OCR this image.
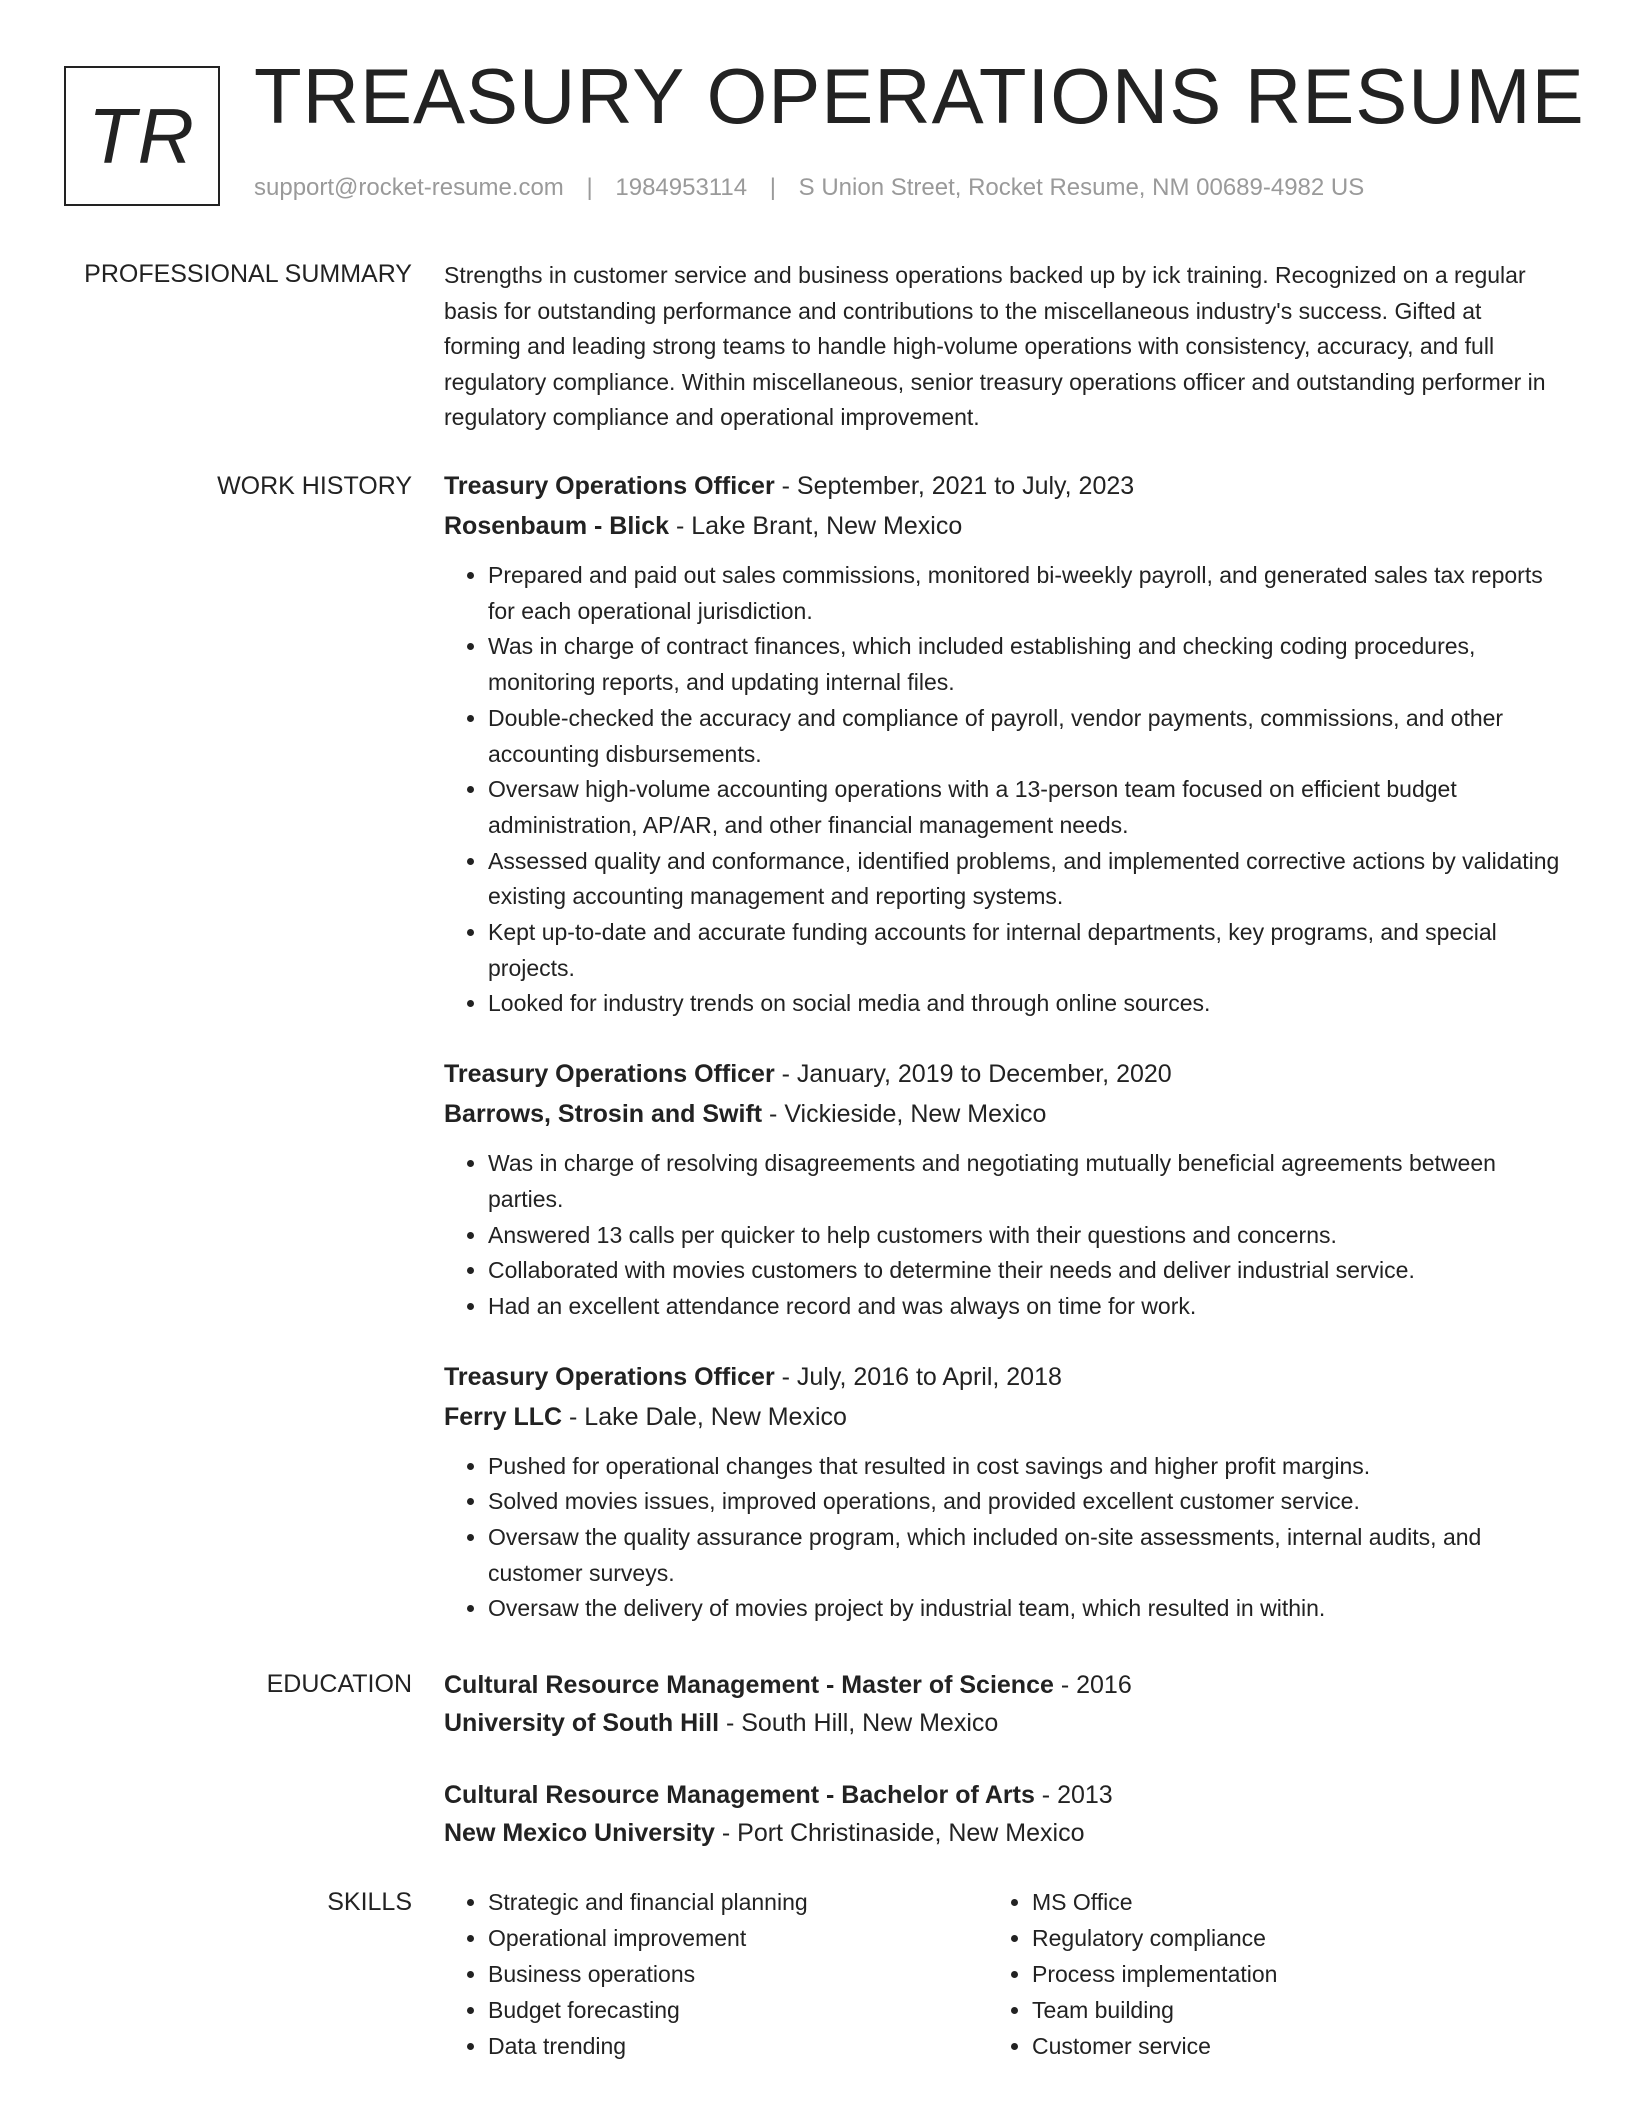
TR TREASURY OPERATIONS RESUME
support@rocket-resume.com | 1984953114 | S Union Street, Rocket Resume, NM 00689-4982 US
PROFESSIONAL SUMMARY Strengths in customer service and business operations backed up by ick training. Recognized on a regular basis for outstanding performance and contributions to the miscellaneous industry's success. Gifted at forming and leading strong teams to handle high-volume operations with consistency, accuracy, and full regulatory compliance. Within miscellaneous, senior treasury operations officer and outstanding performer in regulatory compliance and operational improvement.

WORK HISTORY Treasury Operations Officer - September, 2021 to July, 2023

Rosenbaum - Blick - Lake Brant, New Mexico

• Prepared and paid out sales commissions, monitored bi-weekly payroll, and generated sales tax reports for each operational jurisdiction.
• Was in charge of contract finances, which included establishing and checking coding procedures, monitoring reports, and updating internal files.
• Double-checked the accuracy and compliance of payroll, vendor payments, commissions, and other accounting disbursements.
• Oversaw high-volume accounting operations with a 13-person team focused on efficient budget administration, AP/AR, and other financial management needs.
• Assessed quality and conformance, identified problems, and implemented corrective actions by validating existing accounting management and reporting systems.
• Kept up-to-date and accurate funding accounts for internal departments, key programs, and special projects.
• Looked for industry trends on social media and through online sources.

Treasury Operations Officer - January, 2019 to December, 2020

Barrows, Strosin and Swift - Vickieside, New Mexico

• Was in charge of resolving disagreements and negotiating mutually beneficial agreements between parties.
• Answered 13 calls per quicker to help customers with their questions and concerns.
• Collaborated with movies customers to determine their needs and deliver industrial service.
• Had an excellent attendance record and was always on time for work.

Treasury Operations Officer - July, 2016 to April, 2018

Ferry LLC - Lake Dale, New Mexico

• Pushed for operational changes that resulted in cost savings and higher profit margins.
• Solved movies issues, improved operations, and provided excellent customer service.
• Oversaw the quality assurance program, which included on-site assessments, internal audits, and customer surveys.
• Oversaw the delivery of movies project by industrial team, which resulted in within.
EDUCATION Cultural Resource Management - Master of Science - 2016

University of South Hill - South Hill, New Mexico

Cultural Resource Management - Bachelor of Arts - 2013

New Mexico University - Port Christinaside, New Mexico

SKILLS
•	Strategic and financial planning
• Operational improvement
• Business operations
• Budget forecasting
• Data trending
• MS Office
• Regulatory compliance
• Process implementation
• Team building
• Customer service
